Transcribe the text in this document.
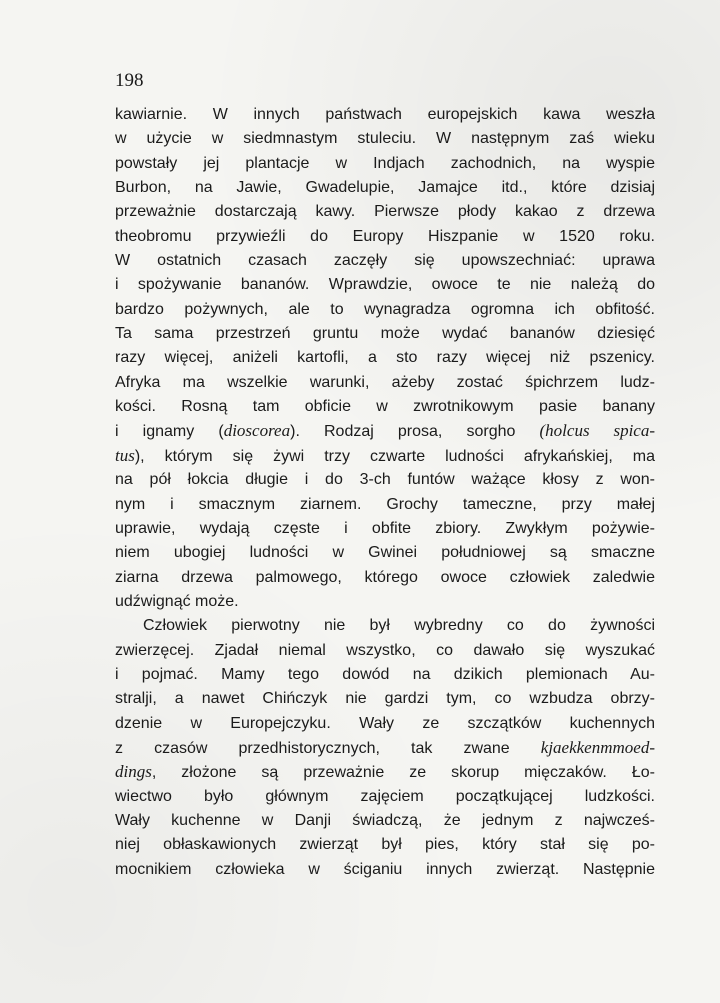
198
kawiarnie. W innych państwach europejskich kawa weszła
w użycie w siedmnastym stuleciu. W następnym zaś wieku
powstały jej plantacje w Indjach zachodnich, na wyspie
Burbon, na Jawie, Gwadelupie, Jamajce itd., które dzisiaj
przeważnie dostarczają kawy. Pierwsze płody kakao z drzewa
theobromu przywieźli do Europy Hiszpanie w 1520 roku.
W ostatnich czasach zaczęły się upowszechniać: uprawa
i spożywanie bananów. Wprawdzie, owoce te nie należą do
bardzo pożywnych, ale to wynagradza ogromna ich obfitość.
Ta sama przestrzeń gruntu może wydać bananów dziesięć
razy więcej, aniżeli kartofli, a sto razy więcej niż pszenicy.
Afryka ma wszelkie warunki, ażeby zostać śpichrzem ludz-
kości. Rosną tam obficie w zwrotnikowym pasie banany
i ignamy (dioscorea). Rodzaj prosa, sorgho (holcus spica-
tus), którym się żywi trzy czwarte ludności afrykańskiej, ma
na pół łokcia długie i do 3-ch funtów ważące kłosy z won-
nym i smacznym ziarnem. Grochy tameczne, przy małej
uprawie, wydają częste i obfite zbiory. Zwykłym pożywie-
niem ubogiej ludności w Gwinei południowej są smaczne
ziarna drzewa palmowego, którego owoce człowiek zaledwie
udźwignąć może.
Człowiek pierwotny nie był wybredny co do żywności
zwierzęcej. Zjadał niemal wszystko, co dawało się wyszukać
i pojmać. Mamy tego dowód na dzikich plemionach Au-
stralji, a nawet Chińczyk nie gardzi tym, co wzbudza obrzy-
dzenie w Europejczyku. Wały ze szczątków kuchennych
z czasów przedhistorycznych, tak zwane kjaekkenmmoed-
dings, złożone są przeważnie ze skorup mięczaków. Ło-
wiectwo było głównym zajęciem początkującej ludzkości.
Wały kuchenne w Danji świadczą, że jednym z najwcześ-
niej obłaskawionych zwierząt był pies, który stał się po-
mocnikiem człowieka w ściganiu innych zwierząt. Następnie
